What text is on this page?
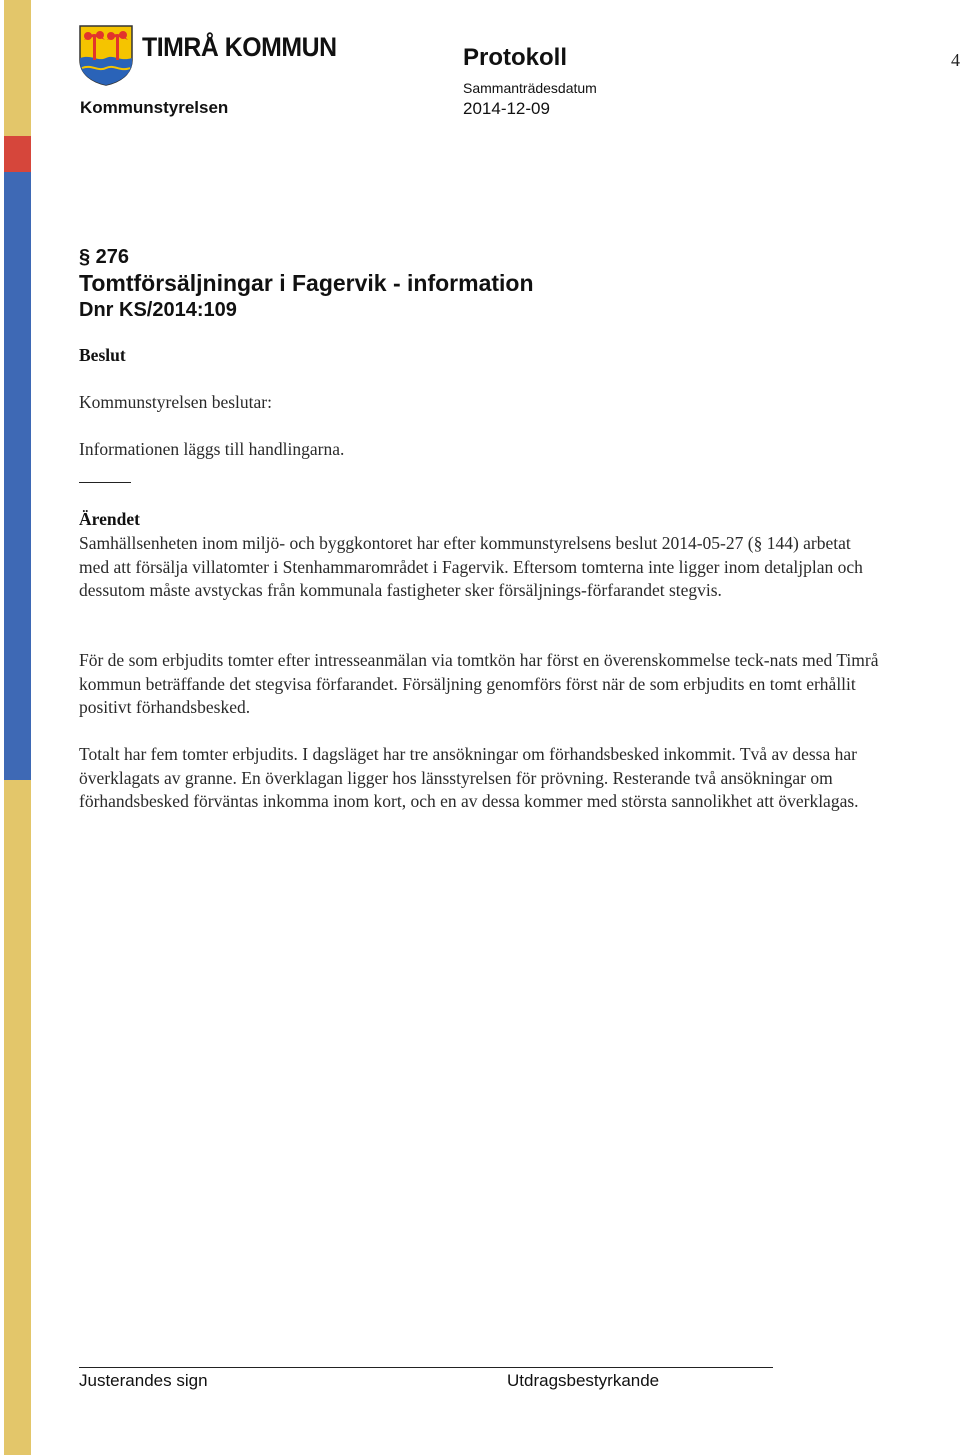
TIMRÅ KOMMUN
Kommunstyrelsen
Protokoll
Sammanträdesdatum
2014-12-09
4
§ 276
Tomtförsäljningar i Fagervik - information
Dnr KS/2014:109

Beslut

Kommunstyrelsen beslutar:

Informationen läggs till handlingarna.

Ärendet

Samhällsenheten inom miljö- och byggkontoret har efter kommunstyrelsens beslut 2014-05-27 (§ 144) arbetat med att försälja villatomter i Stenhammarområdet i Fagervik. Eftersom tomterna inte ligger inom detaljplan och dessutom måste avstyckas från kommunala fastigheter sker försäljnings-förfarandet stegvis.

För de som erbjudits tomter efter intresseanmälan via tomtkön har först en överenskommelse teck-nats med Timrå kommun beträffande det stegvisa förfarandet. Försäljning genomförs först när de som erbjudits en tomt erhållit positivt förhandsbesked.

Totalt har fem tomter erbjudits. I dagsläget har tre ansökningar om förhandsbesked inkommit. Två av dessa har överklagats av granne. En överklagan ligger hos länsstyrelsen för prövning. Resterande två ansökningar om förhandsbesked förväntas inkomma inom kort, och en av dessa kommer med största sannolikhet att överklagas.

Justerandes sign	Utdragsbestyrkande
